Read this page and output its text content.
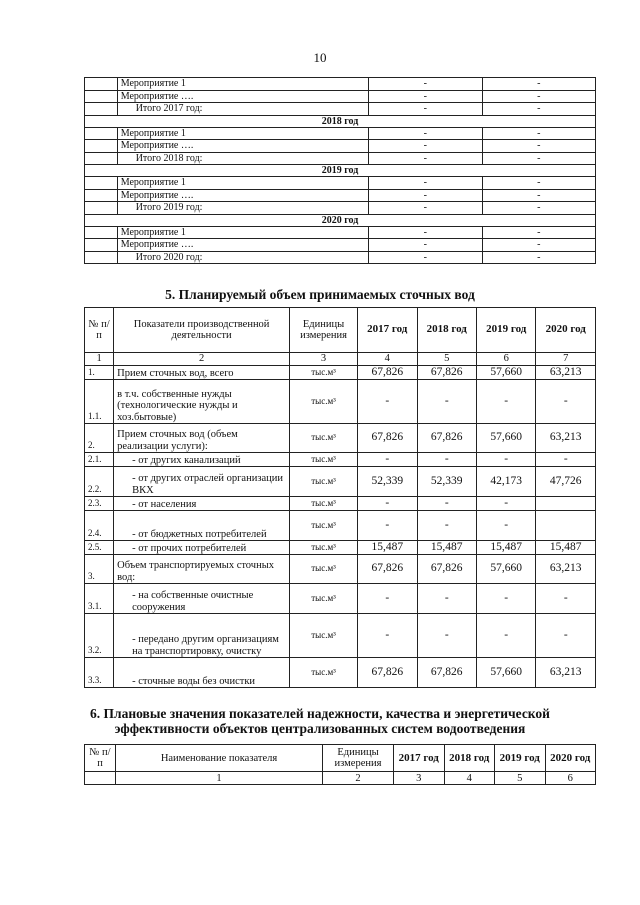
10
	Мероприятие 1	-	-
	Мероприятие ….	-	-
	Итого 2017 год:	-	-
2018 год			
	Мероприятие 1	-	-
	Мероприятие ….	-	-
	Итого 2018 год:	-	-
2019 год			
	Мероприятие 1	-	-
	Мероприятие ….	-	-
	Итого 2019 год:	-	-
2020 год			
	Мероприятие 1	-	-
	Мероприятие ….	-	-
	Итого 2020 год:	-	-
5. Планируемый объем принимаемых сточных вод
№ п/п	Показатели производственной деятельности	Единицы измерения	2017 год	2018 год	2019 год	2020 год
1	2	3	4	5	6	7
1.	Прием сточных вод, всего	тыс.м³	67,826	67,826	57,660	63,213
1.1.	в т.ч. собственные нужды (технологические нужды и хоз.бытовые)	тыс.м³	-	-	-	-
2.	Прием сточных вод (объем реализации услуги):	тыс.м³	67,826	67,826	57,660	63,213
2.1.	- от других канализаций	тыс.м³	-	-	-	-
2.2.	- от других отраслей организации ВКХ	тыс.м³	52,339	52,339	42,173	47,726
2.3.	- от населения	тыс.м³	-	-	-	
2.4.	- от бюджетных потребителей	тыс.м³	-	-	-	
2.5.	- от прочих потребителей	тыс.м³	15,487	15,487	15,487	15,487
3.	Объем транспортируемых сточных вод:	тыс.м³	67,826	67,826	57,660	63,213
3.1.	- на собственные очистные сооружения	тыс.м³	-	-	-	-
3.2.	- передано другим организациям на транспортировку, очистку	тыс.м³	-	-	-	-
3.3.	- сточные воды без очистки	тыс.м³	67,826	67,826	57,660	63,213
6. Плановые значения показателей надежности, качества и энергетической
эффективности объектов централизованных систем водоотведения
№ п/п	Наименование показателя	Единицы измерения	2017 год	2018 год	2019 год	2020 год
	1	2	3	4	5	6
